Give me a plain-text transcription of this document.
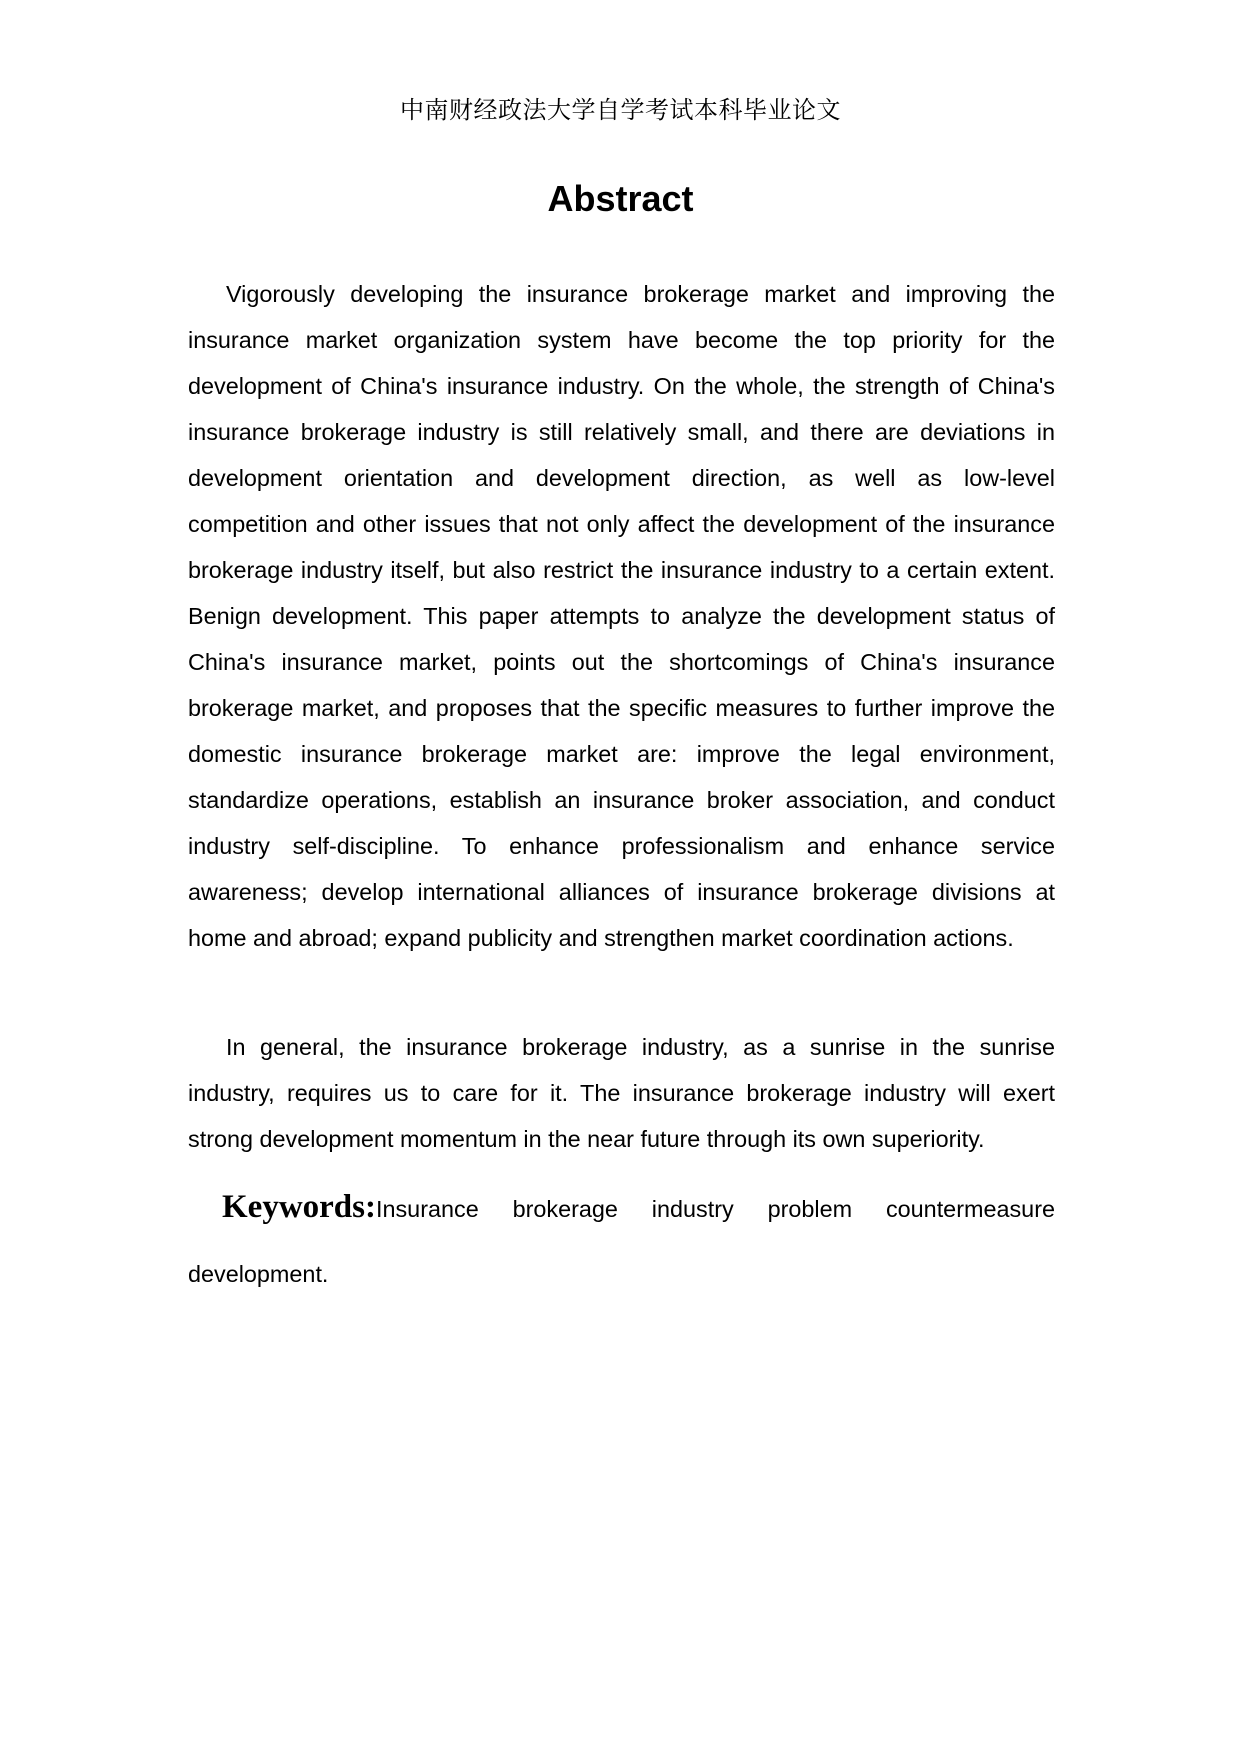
中南财经政法大学自学考试本科毕业论文
Abstract

Vigorously developing the insurance brokerage market and improving the insurance market organization system have become the top priority for the development of China's insurance industry. On the whole, the strength of China's insurance brokerage industry is still relatively small, and there are deviations in development orientation and development direction, as well as low-level competition and other issues that not only affect the development of the insurance brokerage industry itself, but also restrict the insurance industry to a certain extent. Benign development. This paper attempts to analyze the development status of China's insurance market, points out the shortcomings of China's insurance brokerage market, and proposes that the specific measures to further improve the domestic insurance brokerage market are: improve the legal environment, standardize operations, establish an insurance broker association, and conduct industry self-discipline. To enhance professionalism and enhance service awareness; develop international alliances of insurance brokerage divisions at home and abroad; expand publicity and strengthen market coordination actions.

In general, the insurance brokerage industry, as a sunrise in the sunrise industry, requires us to care for it. The insurance brokerage industry will exert strong development momentum in the near future through its own superiority.

Keywords:Insurance brokerage industry problem countermeasure development.
